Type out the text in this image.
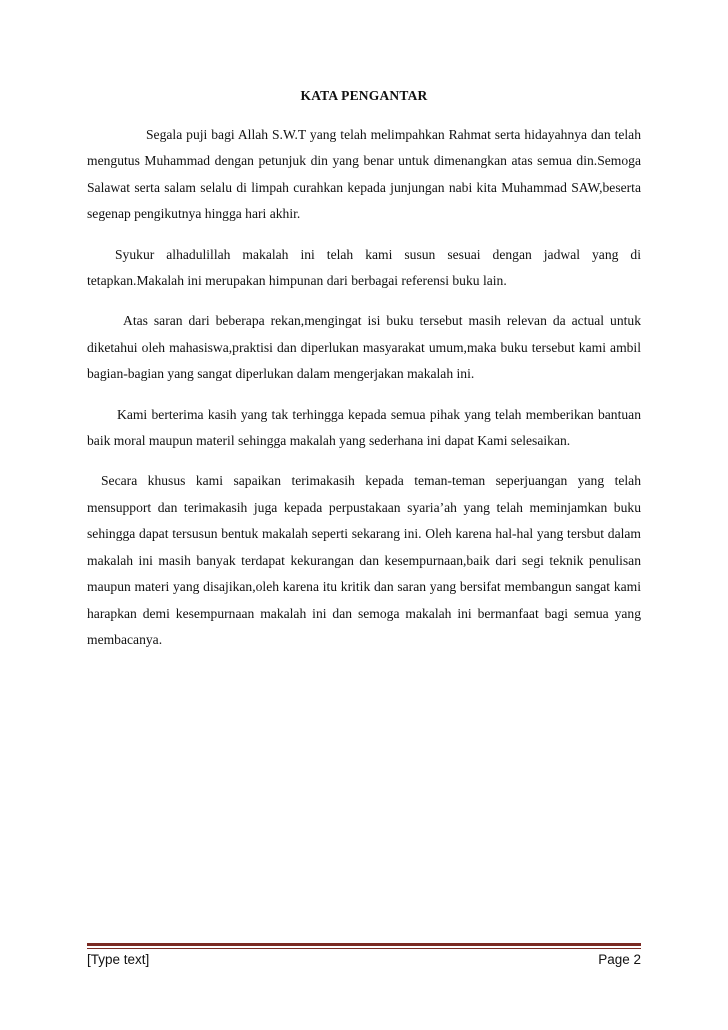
KATA PENGANTAR

Segala puji bagi Allah S.W.T yang telah melimpahkan Rahmat serta hidayahnya dan telah mengutus Muhammad dengan petunjuk din yang benar untuk dimenangkan atas semua din.Semoga Salawat serta salam selalu di limpah curahkan kepada junjungan nabi kita Muhammad SAW,beserta segenap pengikutnya hingga hari akhir.

Syukur alhadulillah makalah ini telah kami susun sesuai dengan jadwal yang di tetapkan.Makalah ini merupakan himpunan dari berbagai referensi buku lain.

Atas saran dari beberapa rekan,mengingat isi buku tersebut masih relevan da actual untuk diketahui oleh mahasiswa,praktisi dan diperlukan masyarakat umum,maka buku tersebut kami ambil bagian-bagian yang sangat diperlukan dalam mengerjakan makalah ini.

Kami berterima kasih yang tak terhingga kepada semua pihak yang telah memberikan bantuan baik moral maupun materil sehingga makalah yang sederhana ini dapat Kami selesaikan.

Secara khusus kami sapaikan terimakasih kepada teman-teman seperjuangan yang telah mensupport dan terimakasih juga kepada perpustakaan syaria’ah yang telah meminjamkan buku sehingga dapat tersusun bentuk makalah seperti sekarang ini. Oleh karena hal-hal yang tersbut dalam makalah ini masih banyak terdapat kekurangan dan kesempurnaan,baik dari segi teknik penulisan maupun materi yang disajikan,oleh karena itu kritik dan saran yang bersifat membangun sangat kami harapkan demi kesempurnaan makalah ini dan semoga makalah ini bermanfaat bagi semua yang membacanya.

[Type text]	Page 2
